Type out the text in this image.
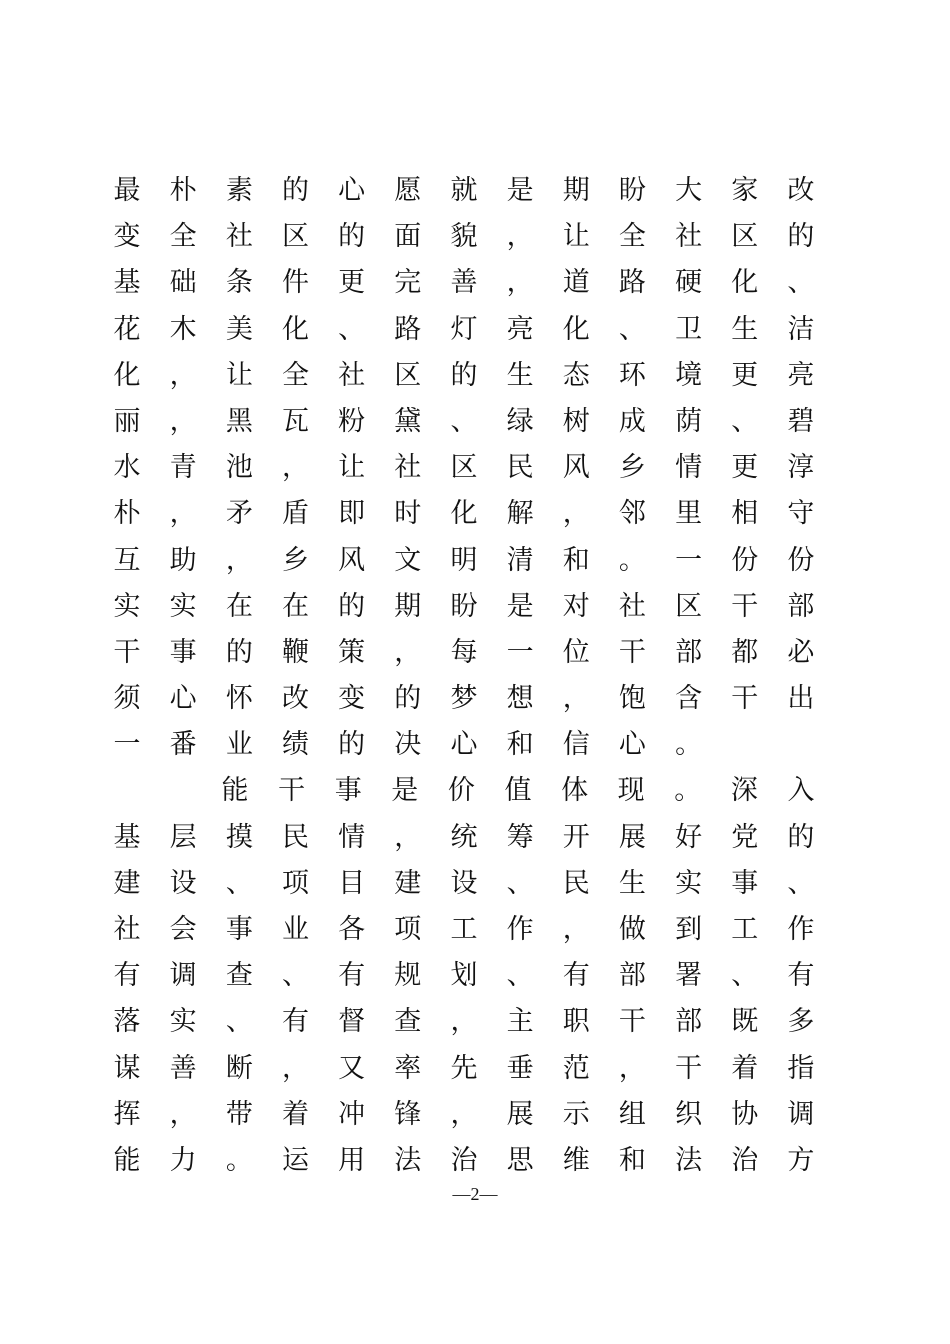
最 朴 素 的 心 愿 就 是 期 盼 大 家 改
变 全 社 区 的 面 貌 ， 让 全 社 区 的
基 础 条 件 更 完 善 ， 道 路 硬 化 、
花 木 美 化 、 路 灯 亮 化 、 卫 生 洁
化 ， 让 全 社 区 的 生 态 环 境 更 亮
丽 ， 黑 瓦 粉 黛 、 绿 树 成 荫 、 碧
水 青 池 ， 让 社 区 民 风 乡 情 更 淳
朴 ， 矛 盾 即 时 化 解 ， 邻 里 相 守
互 助 ， 乡 风 文 明 清 和 。 一 份 份
实 实 在 在 的 期 盼 是 对 社 区 干 部
干 事 的 鞭 策 ， 每 一 位 干 部 都 必
须 心 怀 改 变 的 梦 想 ， 饱 含 干 出
一 番 业 绩 的 决 心 和 信 心 。
能 干 事 是 价 值 体 现 。 深 入
基 层 摸 民 情 ， 统 筹 开 展 好 党 的
建 设 、 项 目 建 设 、 民 生 实 事 、
社 会 事 业 各 项 工 作 ， 做 到 工 作
有 调 查 、 有 规 划 、 有 部 署 、 有
落 实 、 有 督 查 ， 主 职 干 部 既 多
谋 善 断 ， 又 率 先 垂 范 ， 干 着 指
挥 ， 带 着 冲 锋 ， 展 示 组 织 协 调
能 力 。 运 用 法 治 思 维 和 法 治 方
—2—
